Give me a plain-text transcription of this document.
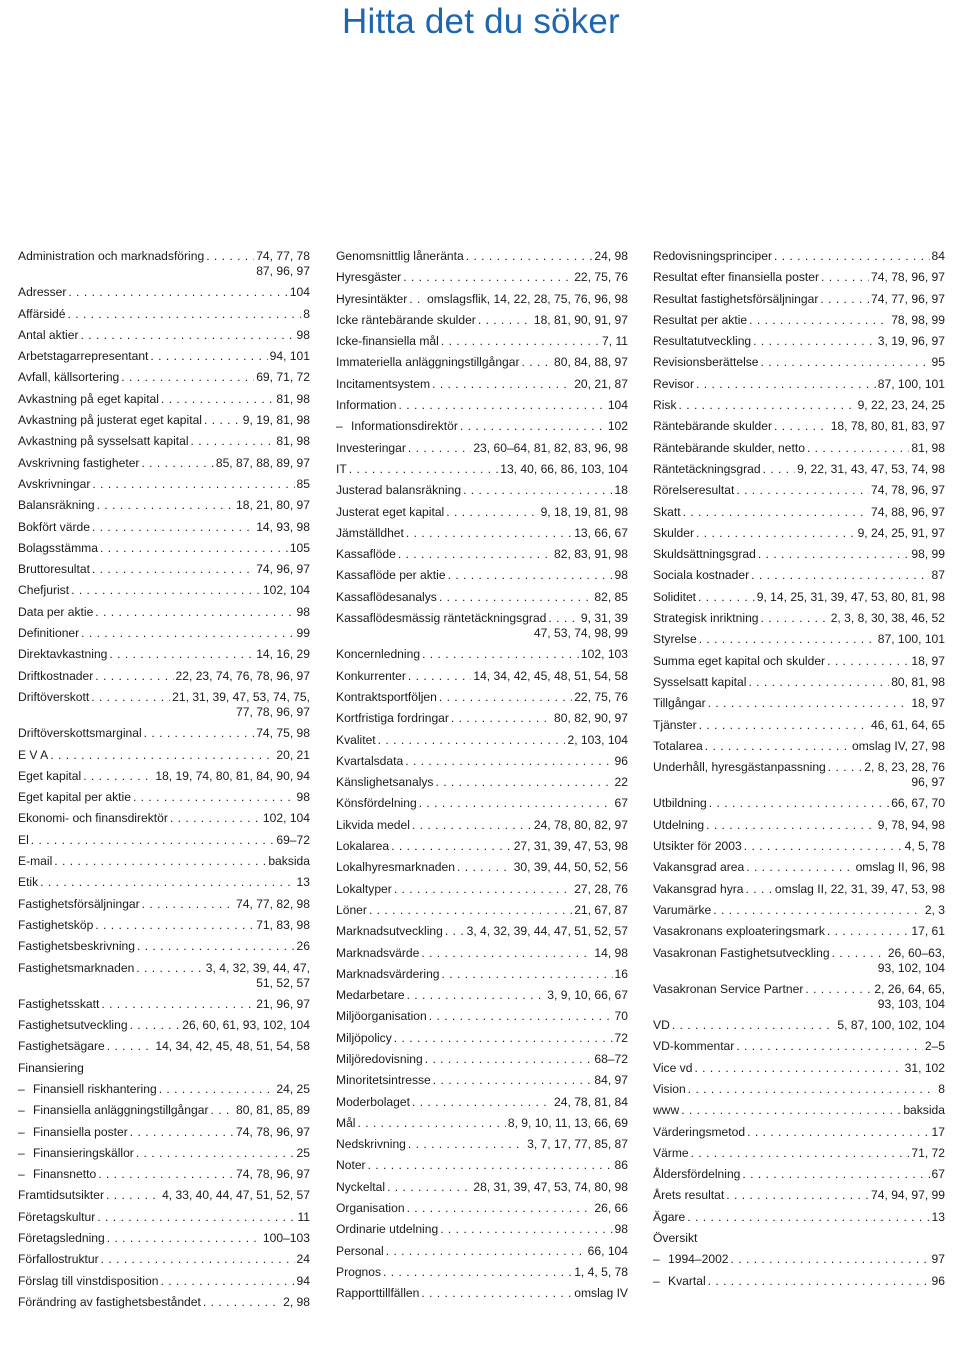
Hitta det du söker
Administration och marknadsföring . . .	74, 77, 78
87, 96, 97
Adresser . . .	104
Affärsidé . . .	8
Antal aktier . . .	98
Arbetstagarrepresentant . . .	94, 101
Avfall, källsortering . . .	69, 71, 72
Avkastning på eget kapital . . .	81, 98
Avkastning på justerat eget kapital . . .	9, 19, 81, 98
Avkastning på sysselsatt kapital . . .	81, 98
Avskrivning fastigheter . . .	85, 87, 88, 89, 97
Avskrivningar . . .	85
Balansräkning . . .	18, 21, 80, 97
Bokfört värde . . .	14, 93, 98
Bolagsstämma . . .	105
Bruttoresultat . . .	74, 96, 97
Chefjurist . . .	102, 104
Data per aktie . . .	98
Definitioner . . .	99
Direktavkastning . . .	14, 16, 29
Driftkostnader . . .	22, 23, 74, 76, 78, 96, 97
Driftöverskott . . .	21, 31, 39, 47, 53, 74, 75,
77, 78, 96, 97
Driftöverskottsmarginal . . .	74, 75, 98
E V A . . .	20, 21
Eget kapital . . .	18, 19, 74, 80, 81, 84, 90, 94
Eget kapital per aktie . . .	98
Ekonomi- och finansdirektör . . .	102, 104
El . . .	69–72
E-mail . . .	baksida
Etik . . .	13
Fastighetsförsäljningar . . .	74, 77, 82, 98
Fastighetsköp . . .	71, 83, 98
Fastighetsbeskrivning . . .	26
Fastighetsmarknaden . . .	3, 4, 32, 39, 44, 47,
51, 52, 57
Fastighetsskatt . . .	21, 96, 97
Fastighetsutveckling . . .	26, 60, 61, 93, 102, 104
Fastighetsägare . . .	14, 34, 42, 45, 48, 51, 54, 58
Finansiering
– Finansiell riskhantering . . .	24, 25
– Finansiella anläggningstillgångar . . . 80, 81, 85, 89
– Finansiella poster . . .	74, 78, 96, 97
– Finansieringskällor . . .	25
– Finansnetto . . .	74, 78, 96, 97
Framtidsutsikter . . .	4, 33, 40, 44, 47, 51, 52, 57
Företagskultur . . .	11
Företagsledning . . .	100–103
Förfallostruktur . . .	24
Förslag till vinstdisposition . . .	94
Förändring av fastighetsbeståndet . . .	2, 98
Genomsnittlig låneränta . . .	24, 98
Hyresgäster . . .	22, 75, 76
Hyresintäkter . . . omslagsflik, 14, 22, 28, 75, 76, 96, 98
Icke räntebärande skulder . . .	18, 81, 90, 91, 97
Icke-finansiella mål . . .	7, 11
Immateriella anläggningstillgångar . . .	80, 84, 88, 97
Incitamentsystem . . .	20, 21, 87
Information . . .	104
– Informationsdirektör . . .	102
Investeringar . . .	23, 60–64, 81, 82, 83, 96, 98
IT . . .	13, 40, 66, 86, 103, 104
Justerad balansräkning . . .	18
Justerat eget kapital . . .	9, 18, 19, 81, 98
Jämställdhet . . .	13, 66, 67
Kassaflöde . . .	82, 83, 91, 98
Kassaflöde per aktie . . .	98
Kassaflödesanalys . . .	82, 85
Kassaflödesmässig räntetäckningsgrad . . .	9, 31, 39
47, 53, 74, 98, 99
Koncernledning . . .	102, 103
Konkurrenter . . .	14, 34, 42, 45, 48, 51, 54, 58
Kontraktsportföljen . . .	22, 75, 76
Kortfristiga fordringar . . .	80, 82, 90, 97
Kvalitet . . .	2, 103, 104
Kvartalsdata . . .	96
Känslighetsanalys . . .	22
Könsfördelning . . .	67
Likvida medel . . .	24, 78, 80, 82, 97
Lokalarea . . .	27, 31, 39, 47, 53, 98
Lokalhyresmarknaden . . .	30, 39, 44, 50, 52, 56
Lokaltyper . . .	27, 28, 76
Löner . . .	21, 67, 87
Marknadsutveckling . . . 3, 4, 32, 39, 44, 47, 51, 52, 57
Marknadsvärde . . .	14, 98
Marknadsvärdering . . .	16
Medarbetare . . .	3, 9, 10, 66, 67
Miljöorganisation . . .	70
Miljöpolicy . . .	72
Miljöredovisning . . .	68–72
Minoritetsintresse . . .	84, 97
Moderbolaget . . .	24, 78, 81, 84
Mål . . .	8, 9, 10, 11, 13, 66, 69
Nedskrivning . . .	3, 7, 17, 77, 85, 87
Noter . . .	86
Nyckeltal . . .	28, 31, 39, 47, 53, 74, 80, 98
Organisation . . .	26, 66
Ordinarie utdelning . . .	98
Personal . . .	66, 104
Prognos . . .	1, 4, 5, 78
Rapporttillfällen . . .	omslag IV
Redovisningsprinciper . . .	84
Resultat efter finansiella poster . . .	74, 78, 96, 97
Resultat fastighetsförsäljningar . . .	74, 77, 96, 97
Resultat per aktie . . .	78, 98, 99
Resultatutveckling . . .	3, 19, 96, 97
Revisionsberättelse . . .	95
Revisor . . .	87, 100, 101
Risk . . .	9, 22, 23, 24, 25
Räntebärande skulder . . .	18, 78, 80, 81, 83, 97
Räntebärande skulder, netto . . .	81, 98
Räntetäckningsgrad . . .	9, 22, 31, 43, 47, 53, 74, 98
Rörelseresultat . . .	74, 78, 96, 97
Skatt . . .	74, 88, 96, 97
Skulder . . .	9, 24, 25, 91, 97
Skuldsättningsgrad . . .	98, 99
Sociala kostnader . . .	87
Soliditet . . .	9, 14, 25, 31, 39, 47, 53, 80, 81, 98
Strategisk inriktning . . .	2, 3, 8, 30, 38, 46, 52
Styrelse . . .	87, 100, 101
Summa eget kapital och skulder . . .	18, 97
Sysselsatt kapital . . .	80, 81, 98
Tillgångar . . .	18, 97
Tjänster . . .	46, 61, 64, 65
Totalarea . . .	omslag IV, 27, 98
Underhåll, hyresgästanpassning . . .	2, 8, 23, 28, 76
96, 97
Utbildning . . .	66, 67, 70
Utdelning . . .	9, 78, 94, 98
Utsikter för 2003 . . .	4, 5, 78
Vakansgrad area . . .	omslag II, 96, 98
Vakansgrad hyra . . .	omslag II, 22, 31, 39, 47, 53, 98
Varumärke . . .	2, 3
Vasakronans exploateringsmark . . .	17, 61
Vasakronan Fastighetsutveckling . . .	26, 60–63,
93, 102, 104
Vasakronan Service Partner . . .	2, 26, 64, 65,
93, 103, 104
VD . . .	5, 87, 100, 102, 104
VD-kommentar . . .	2–5
Vice vd . . .	31, 102
Vision . . .	8
www . . .	baksida
Värderingsmetod . . .	17
Värme . . .	71, 72
Åldersfördelning . . .	67
Årets resultat . . .	74, 94, 97, 99
Ägare . . .	13
Översikt
– 1994–2002 . . .	97
– Kvartal . . .	96
